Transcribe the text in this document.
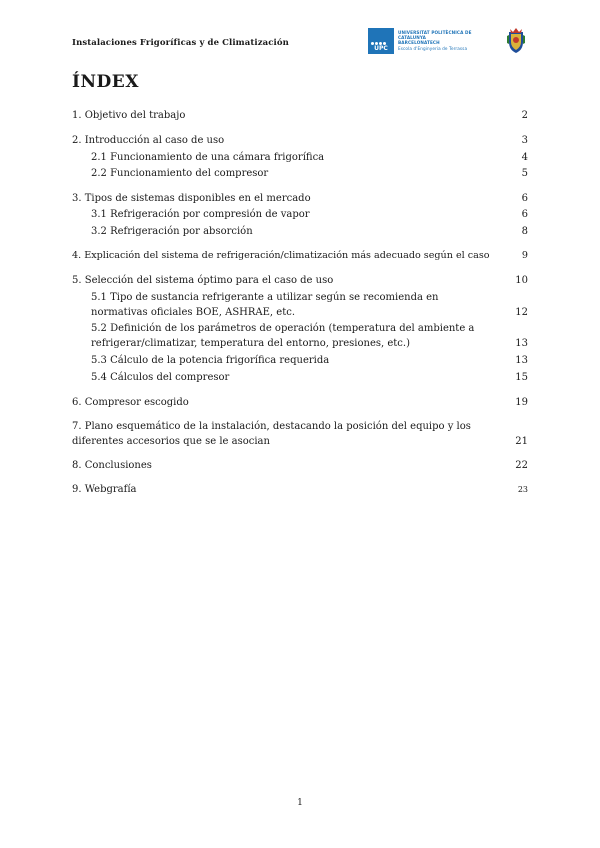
Instalaciones Frigoríficas y de Climatización

UPC
UNIVERSITAT POLITÈCNICA DE CATALUNYA
BARCELONATECH
Escola d'Enginyeria de Terrassa
ÍNDEX
1. Objetivo del trabajo	2
2. Introducción al caso de uso	3
2.1 Funcionamiento de una cámara frigorífica	4
2.2 Funcionamiento del compresor	5
3. Tipos de sistemas disponibles en el mercado	6
3.1 Refrigeración por compresión de vapor	6
3.2 Refrigeración por absorción	8
4. Explicación del sistema de refrigeración/climatización más adecuado según el caso	9
5. Selección del sistema óptimo para el caso de uso	10
5.1 Tipo de sustancia refrigerante a utilizar según se recomienda en normativas oficiales BOE, ASHRAE, etc.	12
5.2 Definición de los parámetros de operación (temperatura del ambiente a refrigerar/climatizar, temperatura del entorno, presiones, etc.)	13
5.3 Cálculo de la potencia frigorífica requerida	13
5.4 Cálculos del compresor	15
6. Compresor escogido	19
7. Plano esquemático de la instalación, destacando la posición del equipo y los diferentes accesorios que se le asocian	21
8. Conclusiones	22
9. Webgrafía	23
1
